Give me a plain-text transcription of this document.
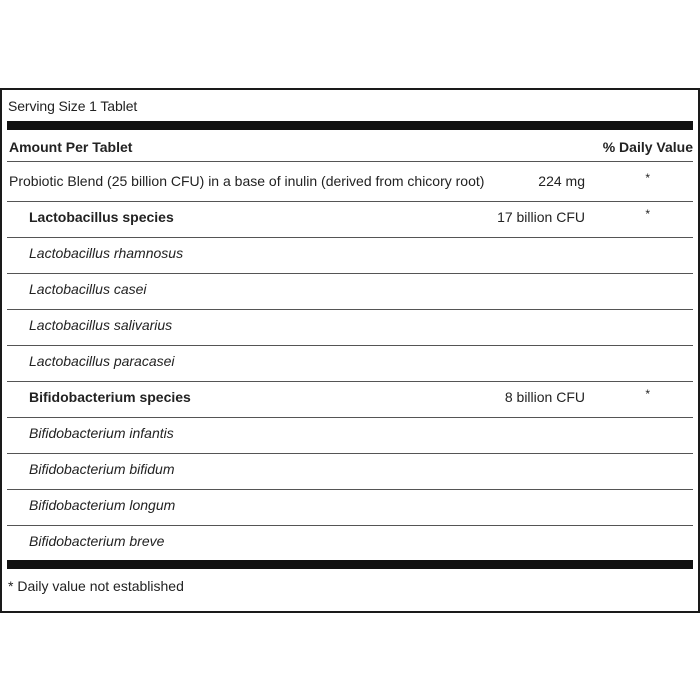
Serving Size 1 Tablet
Amount Per Tablet	% Daily Value
Probiotic Blend (25 billion CFU) in a base of inulin (derived from chicory root)	224 mg	*
Lactobacillus species	17 billion CFU	*
Lactobacillus rhamnosus
Lactobacillus casei
Lactobacillus salivarius
Lactobacillus paracasei
Bifidobacterium species	8 billion CFU	*
Bifidobacterium infantis
Bifidobacterium bifidum
Bifidobacterium longum
Bifidobacterium breve
* Daily value not established
